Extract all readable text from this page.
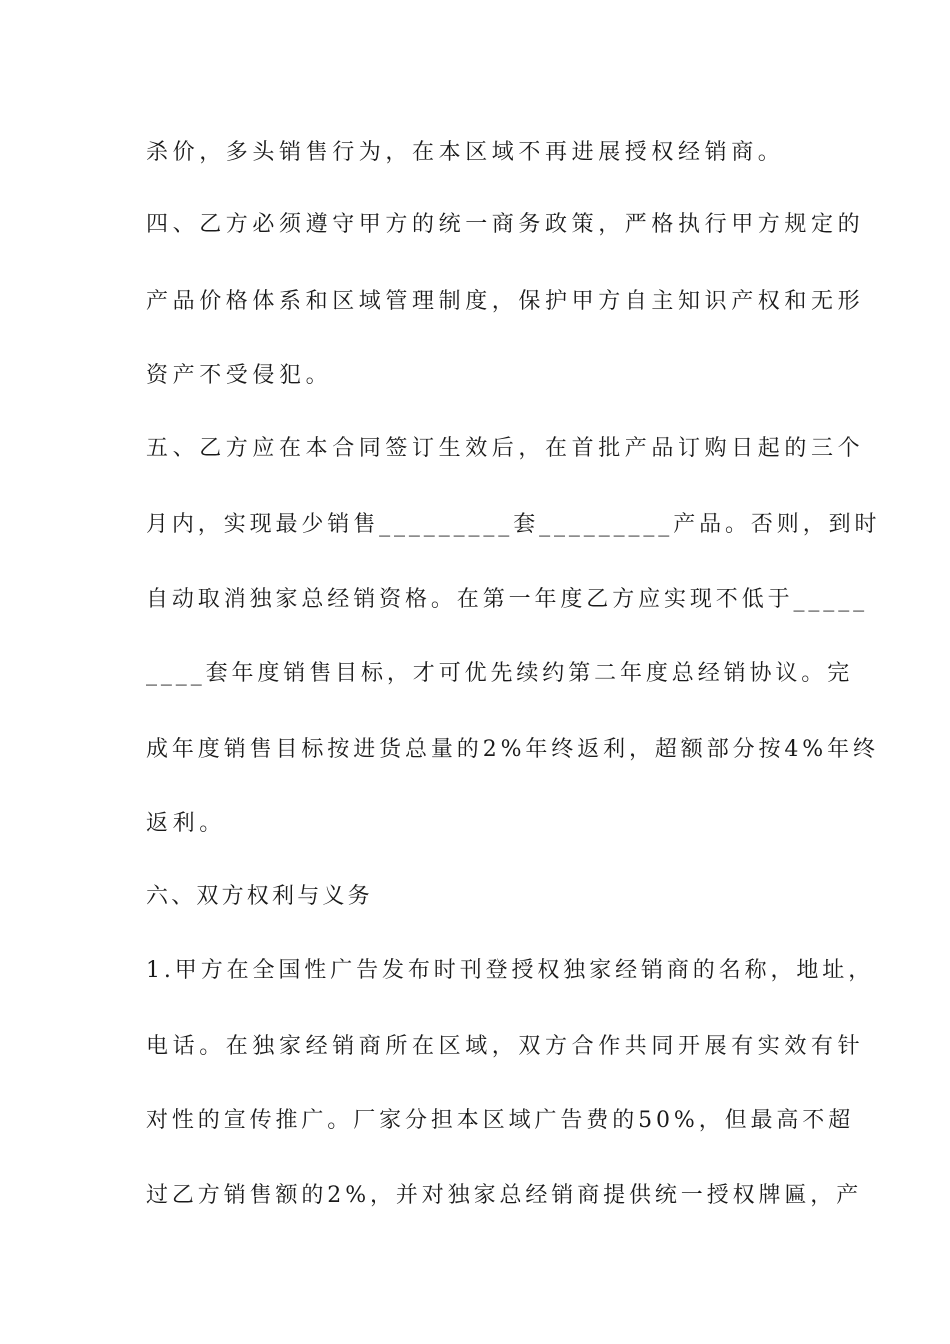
杀价，多头销售行为，在本区域不再进展授权经销商。
四、乙方必须遵守甲方的统一商务政策，严格执行甲方规定的
产品价格体系和区域管理制度，保护甲方自主知识产权和无形
资产不受侵犯。
五、乙方应在本合同签订生效后，在首批产品订购日起的三个
月内，实现最少销售_________套_________产品。否则，到时
自动取消独家总经销资格。在第一年度乙方应实现不低于_____
____套年度销售目标，才可优先续约第二年度总经销协议。完
成年度销售目标按进货总量的2%年终返利，超额部分按4%年终
返利。
六、双方权利与义务
1.甲方在全国性广告发布时刊登授权独家经销商的名称，地址，
电话。在独家经销商所在区域，双方合作共同开展有实效有针
对性的宣传推广。厂家分担本区域广告费的50%，但最高不超
过乙方销售额的2%，并对独家总经销商提供统一授权牌匾，产
